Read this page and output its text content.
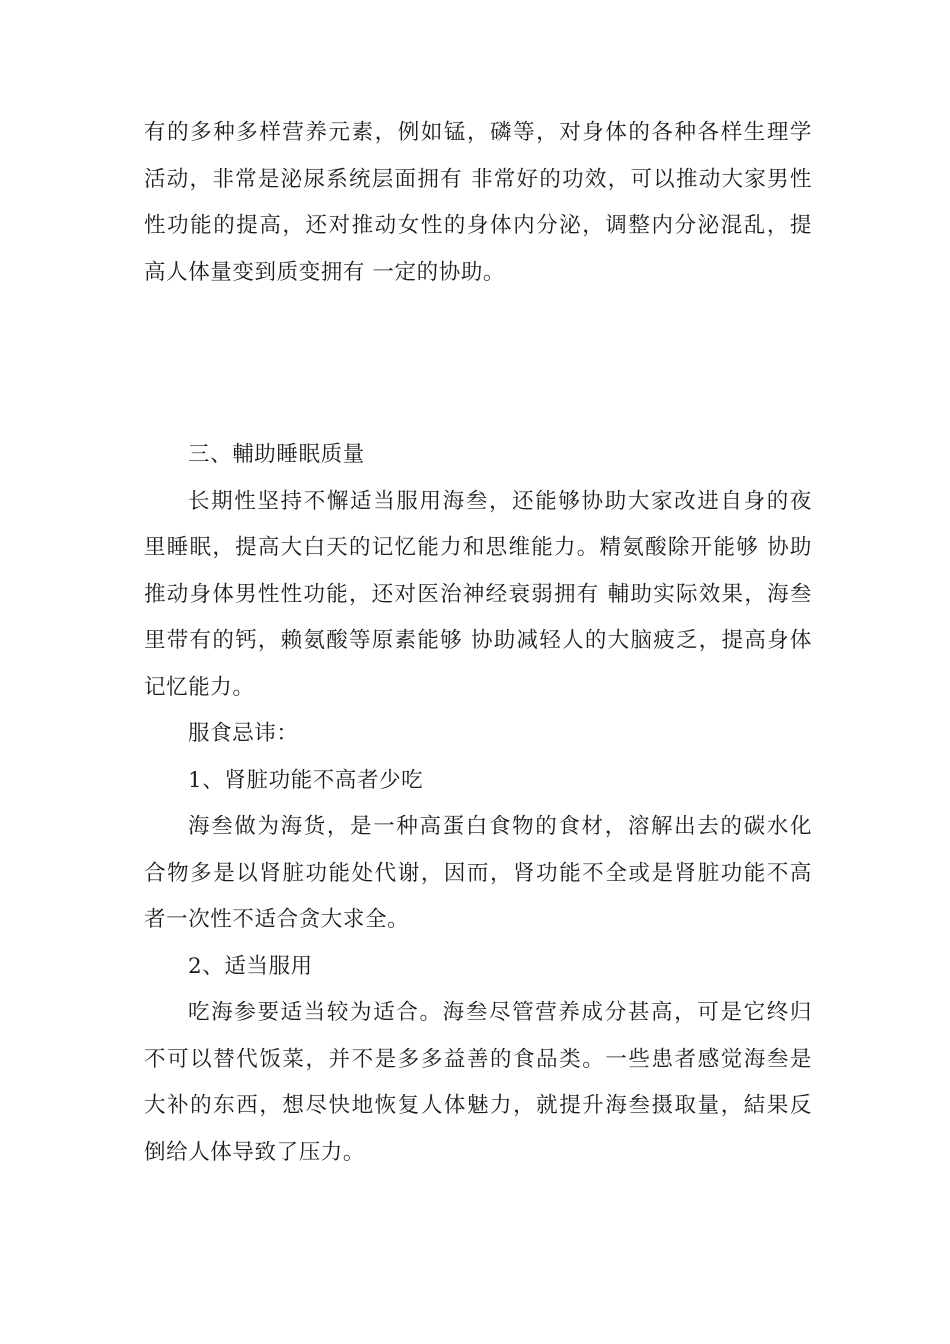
有的多种多样营养元素，例如锰，磷等，对身体的各种各样生理学
活动，非常是泌尿系统层面拥有 非常好的功效，可以推动大家男性
性功能的提高，还对推动女性的身体内分泌，调整内分泌混乱，提
高人体量变到质变拥有 一定的协助。

三、輔助睡眠质量

长期性坚持不懈适当服用海叁，还能够协助大家改进自身的夜
里睡眠，提高大白天的记忆能力和思维能力。精氨酸除开能够 协助
推动身体男性性功能，还对医治神经衰弱拥有 輔助实际效果，海叁
里带有的钙，赖氨酸等原素能够 协助减轻人的大脑疲乏，提高身体
记忆能力。

服食忌讳：

1、肾脏功能不高者少吃

海叁做为海货，是一种高蛋白食物的食材，溶解出去的碳水化
合物多是以肾脏功能处代谢，因而，肾功能不全或是肾脏功能不高
者一次性不适合贪大求全。

2、适当服用

吃海参要适当较为适合。海叁尽管营养成分甚高，可是它终归
不可以替代饭菜，并不是多多益善的食品类。一些患者感觉海叁是
大补的东西，想尽快地恢复人体魅力，就提升海叁摄取量，結果反
倒给人体导致了压力。
